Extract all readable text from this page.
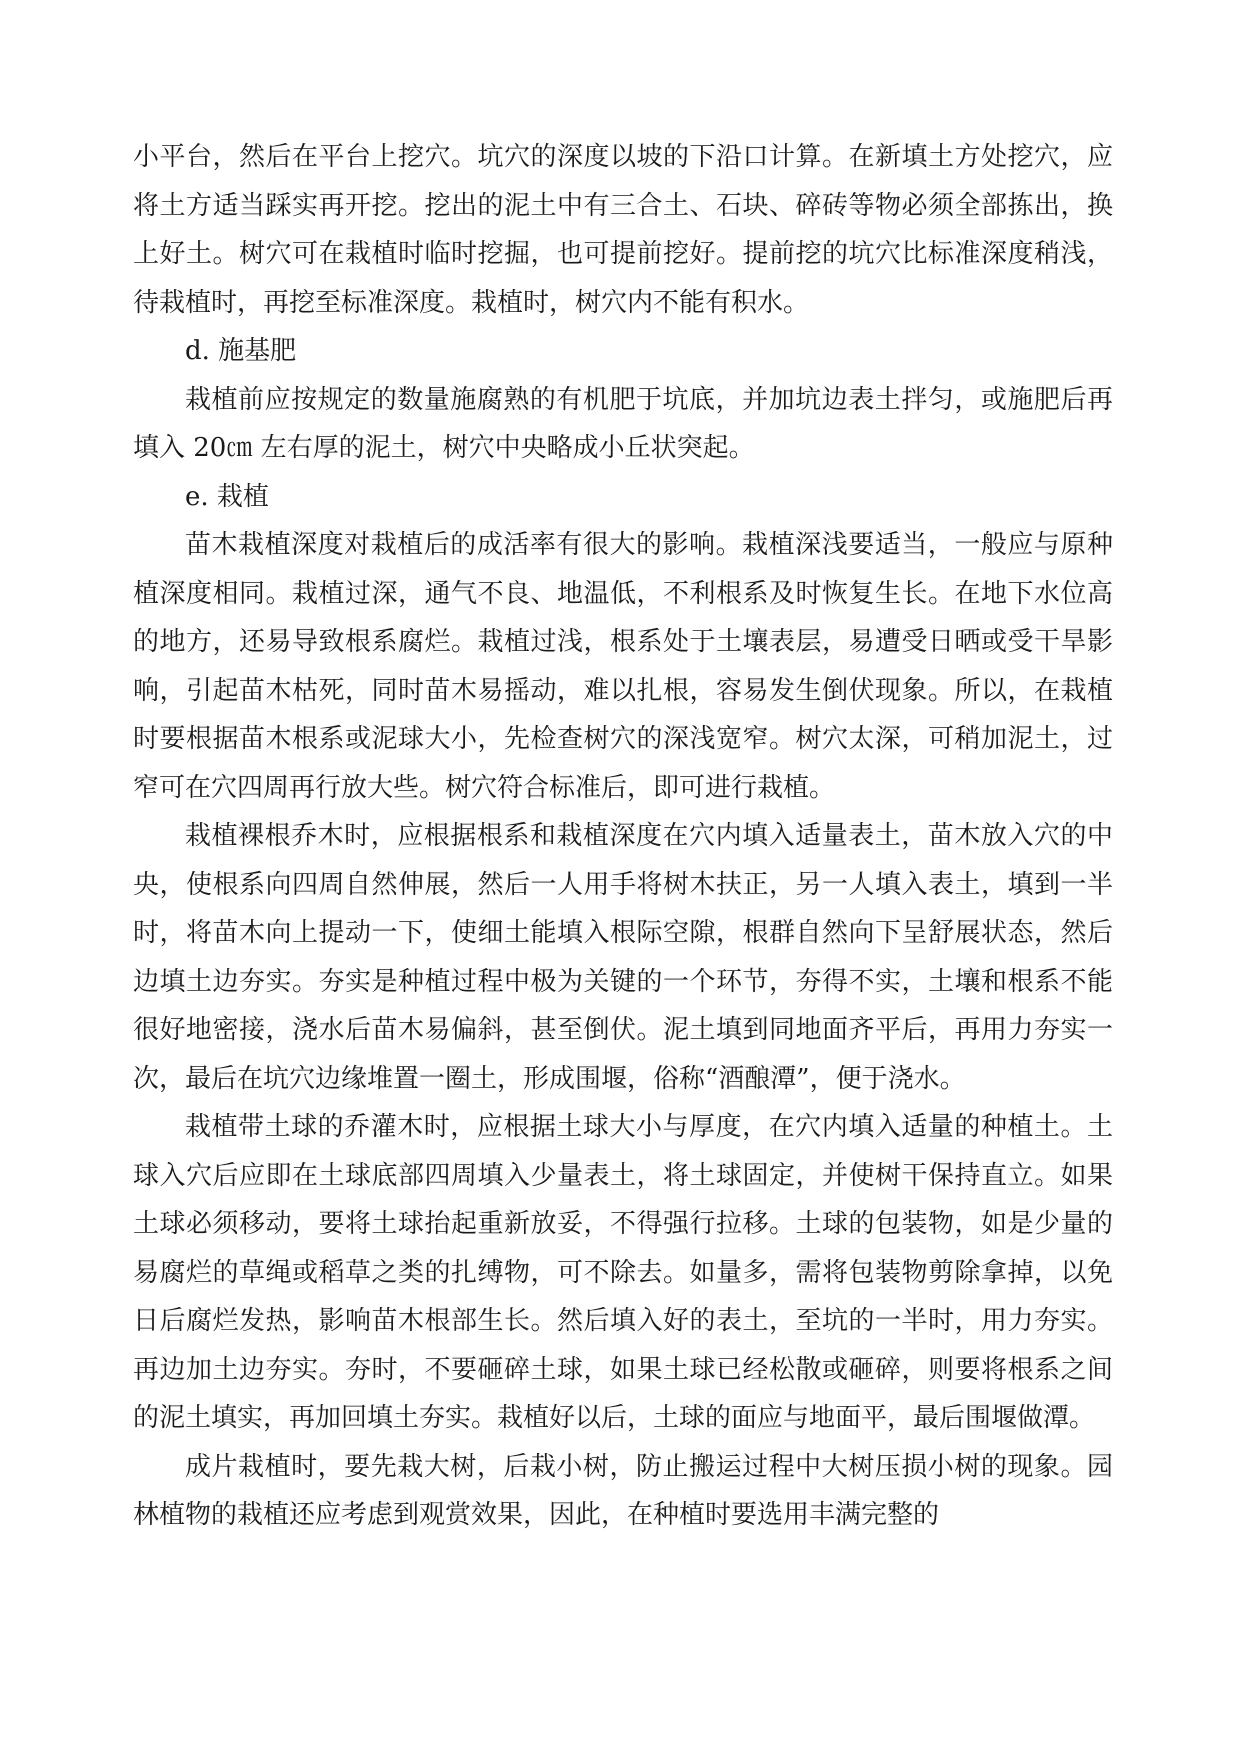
小平台，然后在平台上挖穴。坑穴的深度以坡的下沿口计算。在新填土方处挖穴，应将土方适当踩实再开挖。挖出的泥土中有三合土、石块、碎砖等物必须全部拣出，换上好土。树穴可在栽植时临时挖掘，也可提前挖好。提前挖的坑穴比标准深度稍浅，待栽植时，再挖至标准深度。栽植时，树穴内不能有积水。

d. 施基肥

栽植前应按规定的数量施腐熟的有机肥于坑底，并加坑边表土拌匀，或施肥后再填入 20㎝ 左右厚的泥土，树穴中央略成小丘状突起。

e. 栽植

苗木栽植深度对栽植后的成活率有很大的影响。栽植深浅要适当，一般应与原种植深度相同。栽植过深，通气不良、地温低，不利根系及时恢复生长。在地下水位高的地方，还易导致根系腐烂。栽植过浅，根系处于土壤表层，易遭受日晒或受干旱影响，引起苗木枯死，同时苗木易摇动，难以扎根，容易发生倒伏现象。所以，在栽植时要根据苗木根系或泥球大小，先检查树穴的深浅宽窄。树穴太深，可稍加泥土，过窄可在穴四周再行放大些。树穴符合标准后，即可进行栽植。

栽植裸根乔木时，应根据根系和栽植深度在穴内填入适量表土，苗木放入穴的中央，使根系向四周自然伸展，然后一人用手将树木扶正，另一人填入表土，填到一半时，将苗木向上提动一下，使细土能填入根际空隙，根群自然向下呈舒展状态，然后边填土边夯实。夯实是种植过程中极为关键的一个环节，夯得不实，土壤和根系不能很好地密接，浇水后苗木易偏斜，甚至倒伏。泥土填到同地面齐平后，再用力夯实一次，最后在坑穴边缘堆置一圈土，形成围堰，俗称“酒酿潭”，便于浇水。

栽植带土球的乔灌木时，应根据土球大小与厚度，在穴内填入适量的种植土。土球入穴后应即在土球底部四周填入少量表土，将土球固定，并使树干保持直立。如果土球必须移动，要将土球抬起重新放妥，不得强行拉移。土球的包装物，如是少量的易腐烂的草绳或稻草之类的扎缚物，可不除去。如量多，需将包装物剪除拿掉，以免日后腐烂发热，影响苗木根部生长。然后填入好的表土，至坑的一半时，用力夯实。再边加土边夯实。夯时，不要砸碎土球，如果土球已经松散或砸碎，则要将根系之间的泥土填实，再加回填土夯实。栽植好以后，土球的面应与地面平，最后围堰做潭。

成片栽植时，要先栽大树，后栽小树，防止搬运过程中大树压损小树的现象。园林植物的栽植还应考虑到观赏效果，因此，在种植时要选用丰满完整的
